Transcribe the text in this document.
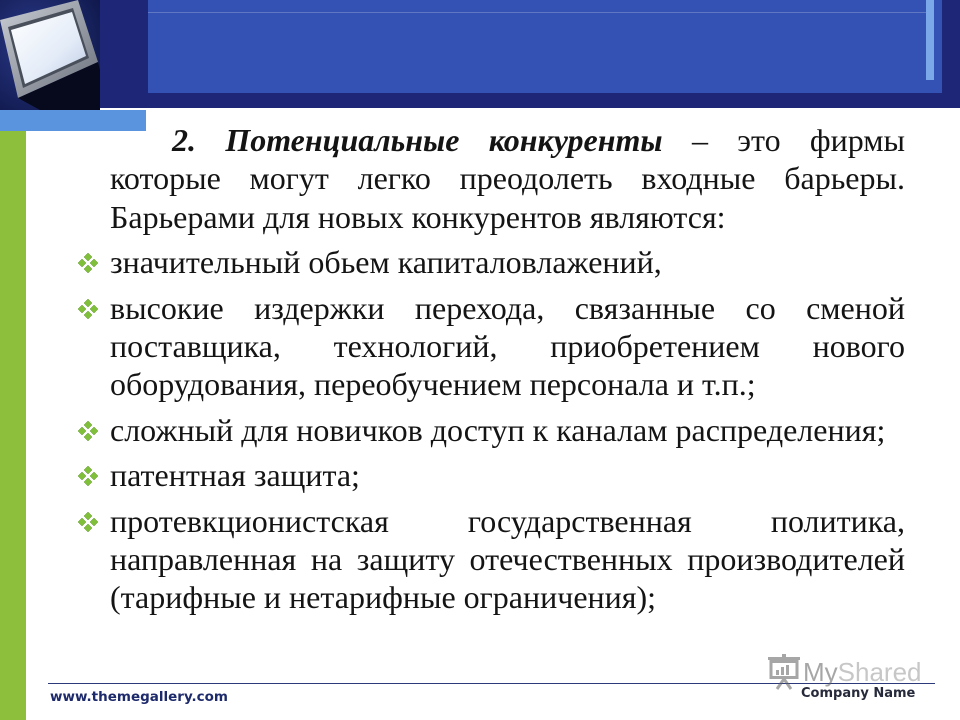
2. Потенциальные конкуренты – это фирмы
которые могут легко преодолеть входные барьеры.
Барьерами для новых конкурентов являются:
значительный обьем капиталовлажений,
высокие издержки перехода, связанные со сменой
поставщика, технологий, приобретением нового
оборудования, переобучением персонала и т.п.;
сложный для новичков доступ к каналам распределения;
патентная защита;
протевкционистская государственная политика,
направленная на защиту отечественных производителей
(тарифные и нетарифные ограничения);
www.themegallery.com
MyShared
Company Name
